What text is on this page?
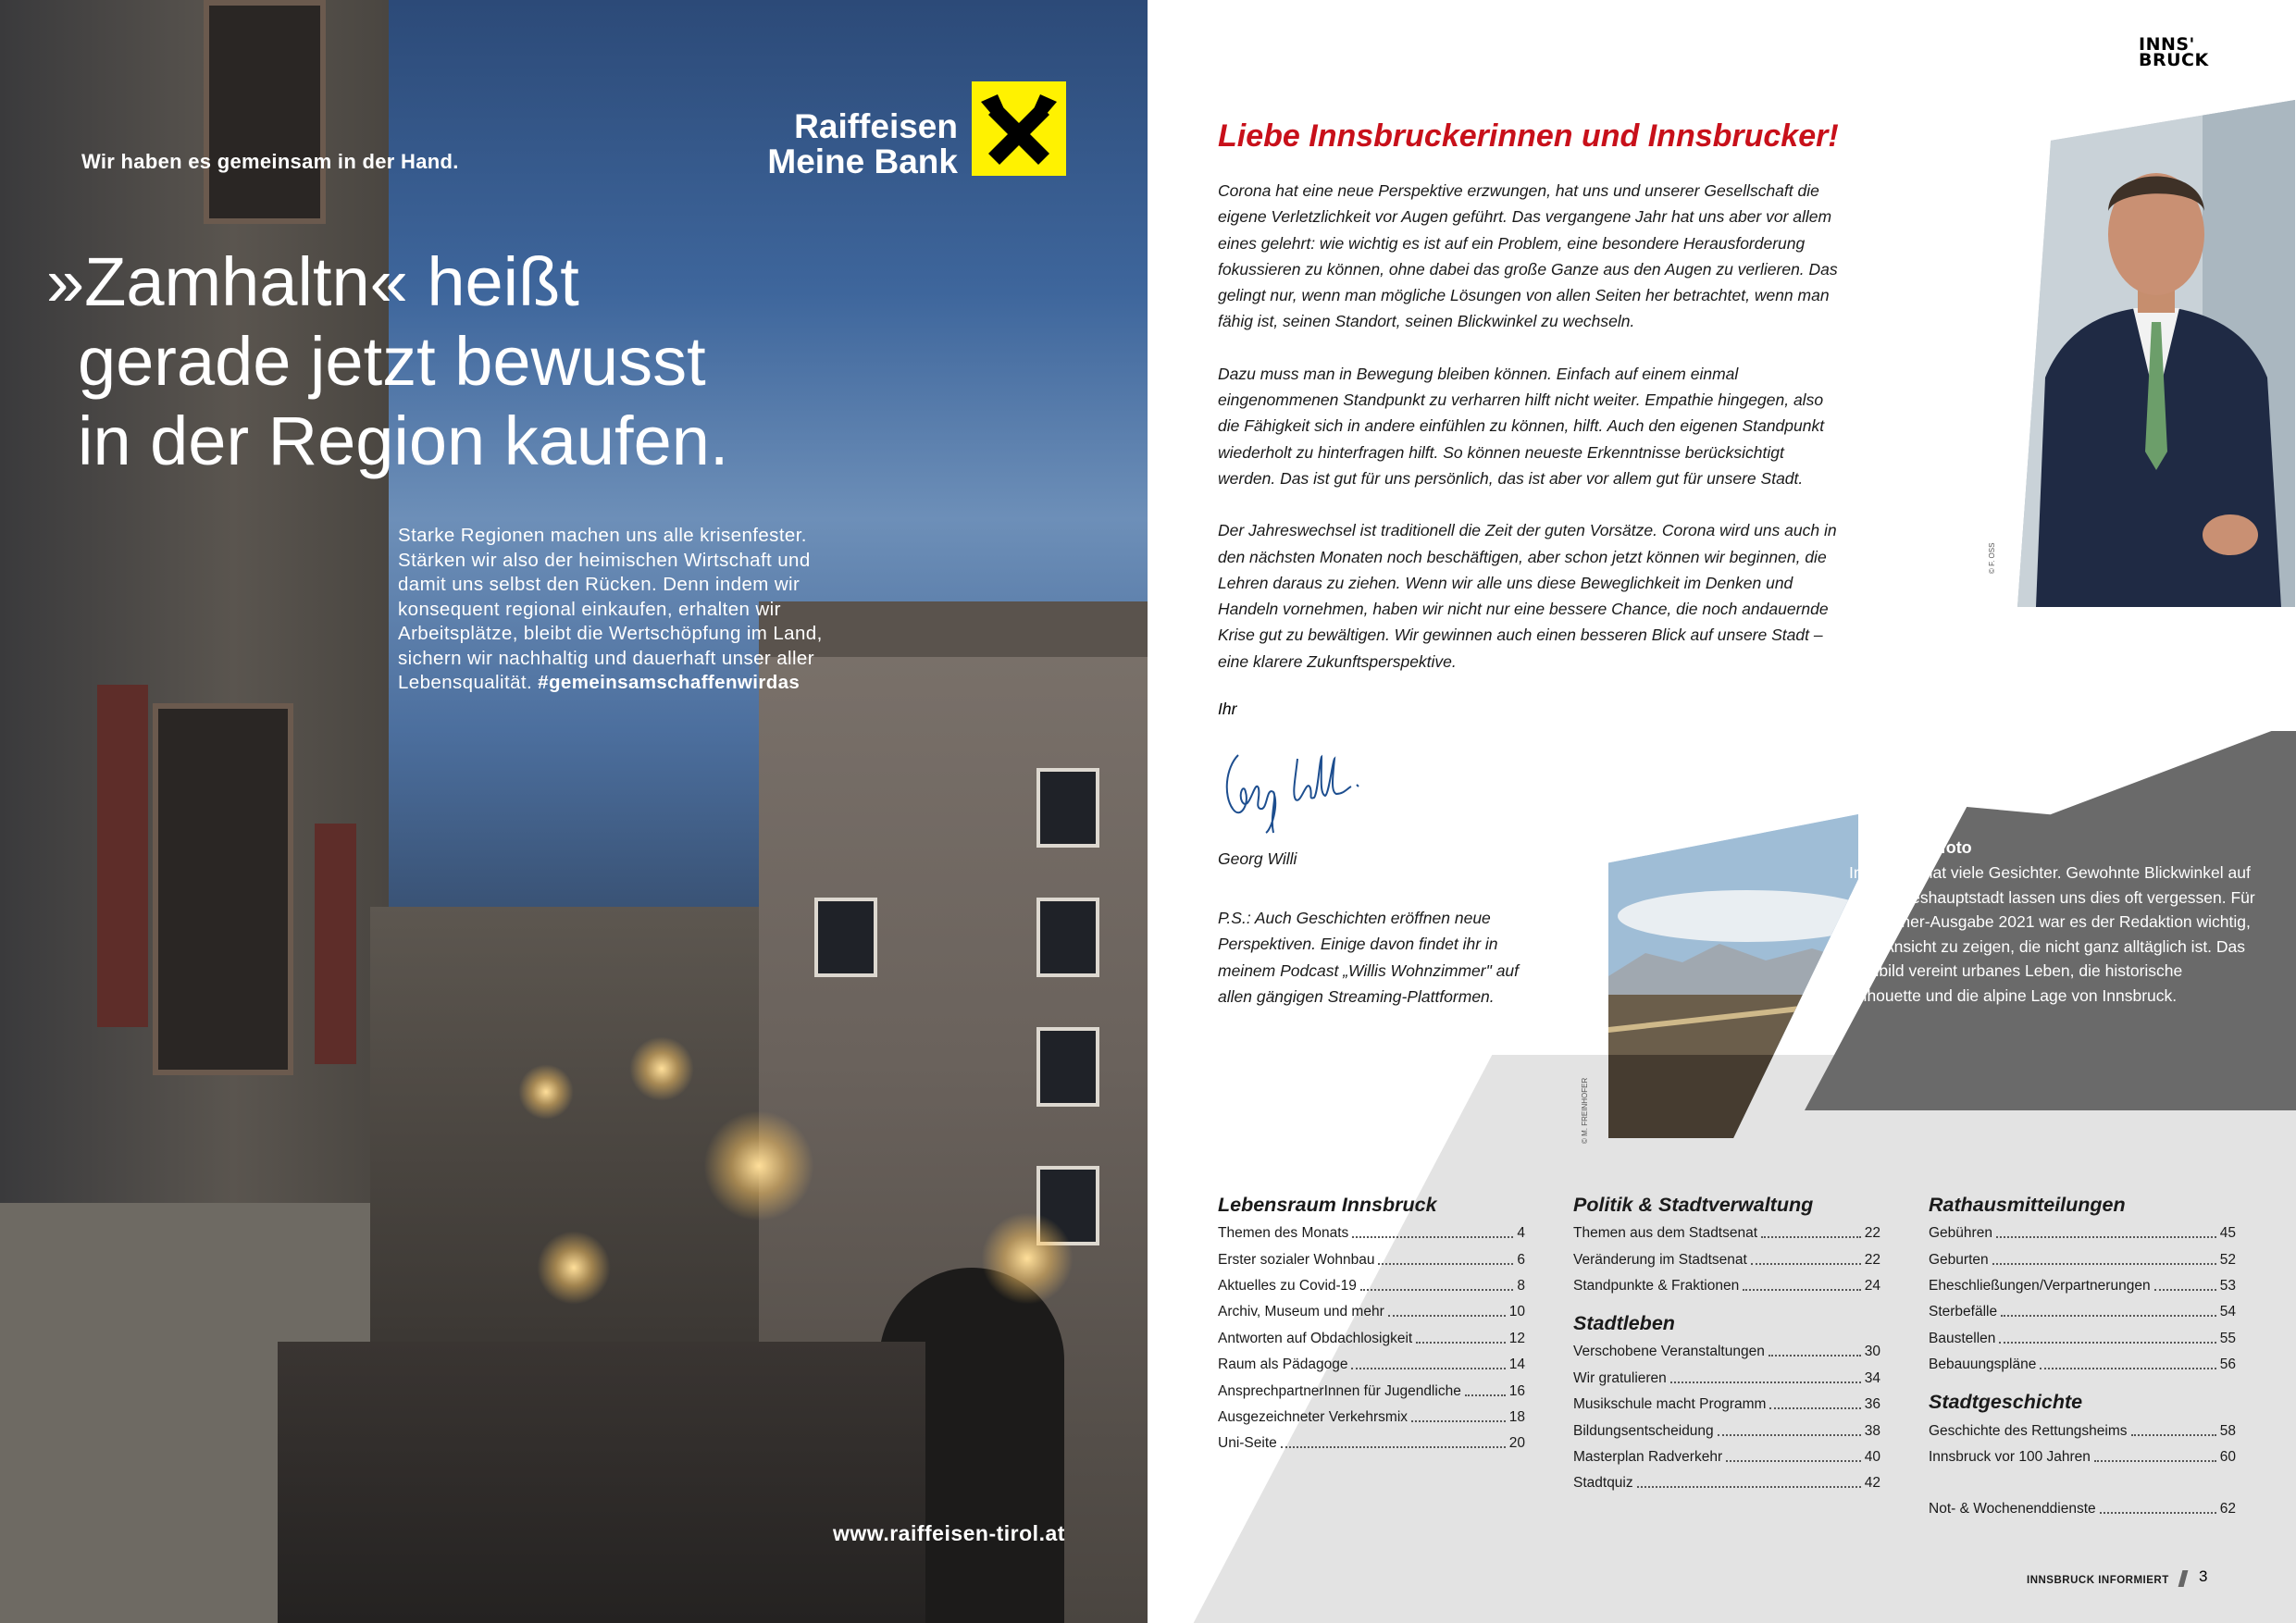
Wir haben es gemeinsam in der Hand.
Raiffeisen
Meine Bank
»Zamhaltn« heißt
gerade jetzt bewusst
in der Region kaufen.
Starke Regionen machen uns alle krisenfester. Stärken wir also der heimischen Wirtschaft und damit uns selbst den Rücken. Denn indem wir konsequent regional einkaufen, erhalten wir Arbeitsplätze, bleibt die Wertschöpfung im Land, sichern wir nachhaltig und dauerhaft unser aller Lebensqualität. #gemeinsamschaffenwirdas
www.raiffeisen-tirol.at
INNS'
BRUCK
Liebe Innsbruckerinnen und Innsbrucker!

Corona hat eine neue Perspektive erzwungen, hat uns und unserer Gesellschaft die eigene Verletzlichkeit vor Augen geführt. Das vergangene Jahr hat uns aber vor allem eines gelehrt: wie wichtig es ist auf ein Problem, eine besondere Herausforderung fokussieren zu können, ohne dabei das große Ganze aus den Augen zu verlieren. Das gelingt nur, wenn man mögliche Lösungen von allen Seiten her betrachtet, wenn man fähig ist, seinen Standort, seinen Blickwinkel zu wechseln.

Dazu muss man in Bewegung bleiben können. Einfach auf einem einmal eingenommenen Standpunkt zu verharren hilft nicht weiter. Empathie hingegen, also die Fähigkeit sich in andere einfühlen zu können, hilft. Auch den eigenen Standpunkt wiederholt zu hinterfragen hilft. So können neueste Erkenntnisse berücksichtigt werden. Das ist gut für uns persönlich, das ist aber vor allem gut für unsere Stadt.

Der Jahreswechsel ist traditionell die Zeit der guten Vorsätze. Corona wird uns auch in den nächsten Monaten noch beschäftigen, aber schon jetzt können wir beginnen, die Lehren daraus zu ziehen. Wenn wir alle uns diese Beweglichkeit im Denken und Handeln vornehmen, haben wir nicht nur eine bessere Chance, die noch andauernde Krise gut zu bewältigen. Wir gewinnen auch einen besseren Blick auf unsere Stadt – eine klarere Zukunftsperspektive.

Ihr
Georg Willi
P.S.: Auch Geschichten eröffnen neue Perspektiven. Einige davon findet ihr in meinem Podcast „Willis Wohnzimmer" auf allen gängigen Streaming-Plattformen.
© F. OSS
© M. FREINHOFER
Das Titelfoto
Innsbruck hat viele Gesichter. Gewohnte Blickwinkel auf die Landeshauptstadt lassen uns dies oft vergessen. Für die Jänner-Ausgabe 2021 war es der Redaktion wichtig, eine Ansicht zu zeigen, die nicht ganz alltäglich ist. Das Titelbild vereint urbanes Leben, die historische Silhouette und die alpine Lage von Innsbruck.
Lebensraum Innsbruck
Themen des Monats	4
Erster sozialer Wohnbau	6
Aktuelles zu Covid-19	8
Archiv, Museum und mehr	10
Antworten auf Obdachlosigkeit	12
Raum als Pädagoge	14
AnsprechpartnerInnen für Jugendliche	16
Ausgezeichneter Verkehrsmix	18
Uni-Seite	20
Politik & Stadtverwaltung
Themen aus dem Stadtsenat	22
Veränderung im Stadtsenat	22
Standpunkte & Fraktionen	24
Stadtleben
Verschobene Veranstaltungen	30
Wir gratulieren	34
Musikschule macht Programm	36
Bildungsentscheidung	38
Masterplan Radverkehr	40
Stadtquiz	42
Rathausmitteilungen
Gebühren	45
Geburten	52
Eheschließungen/Verpartnerungen	53
Sterbefälle	54
Baustellen	55
Bebauungspläne	56
Stadtgeschichte
Geschichte des Rettungsheims	58
Innsbruck vor 100 Jahren	60
Not- & Wochenenddienste	62
INNSBRUCK INFORMIERT	3
